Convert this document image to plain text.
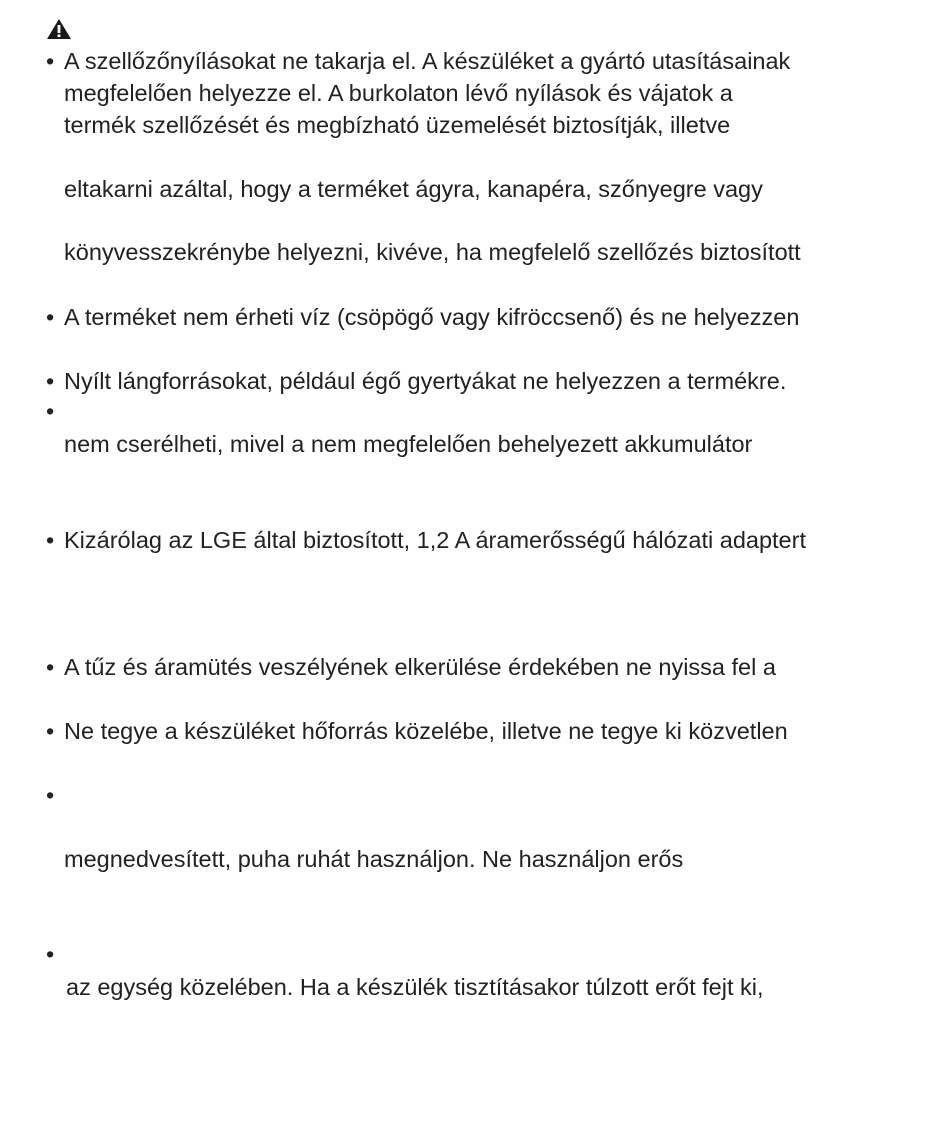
• A szellőzőnyílásokat ne takarja el. A készüléket a gyártó utasításainak
megfelelően helyezze el. A burkolaton lévő nyílások és vájatok a
termék szellőzését és megbízható üzemelését biztosítják, illetve
eltakarni azáltal, hogy a terméket ágyra, kanapéra, szőnyegre vagy
könyvesszekrénybe helyezni, kivéve, ha megfelelő szellőzés biztosított
• A terméket nem érheti víz (csöpögő vagy kifröccsenő) és ne helyezzen
• Nyílt lángforrásokat, például égő gyertyákat ne helyezzen a termékre.
•
nem cserélheti, mivel a nem megfelelően behelyezett akkumulátor
• Kizárólag az LGE által biztosított, 1,2 A áramerősségű hálózati adaptert
• A tűz és áramütés veszélyének elkerülése érdekében ne nyissa fel a
• Ne tegye a készüléket hőforrás közelébe, illetve ne tegye ki közvetlen
•
megnedvesített, puha ruhát használjon. Ne használjon erős
•
az egység közelében. Ha a készülék tisztításakor túlzott erőt fejt ki,
